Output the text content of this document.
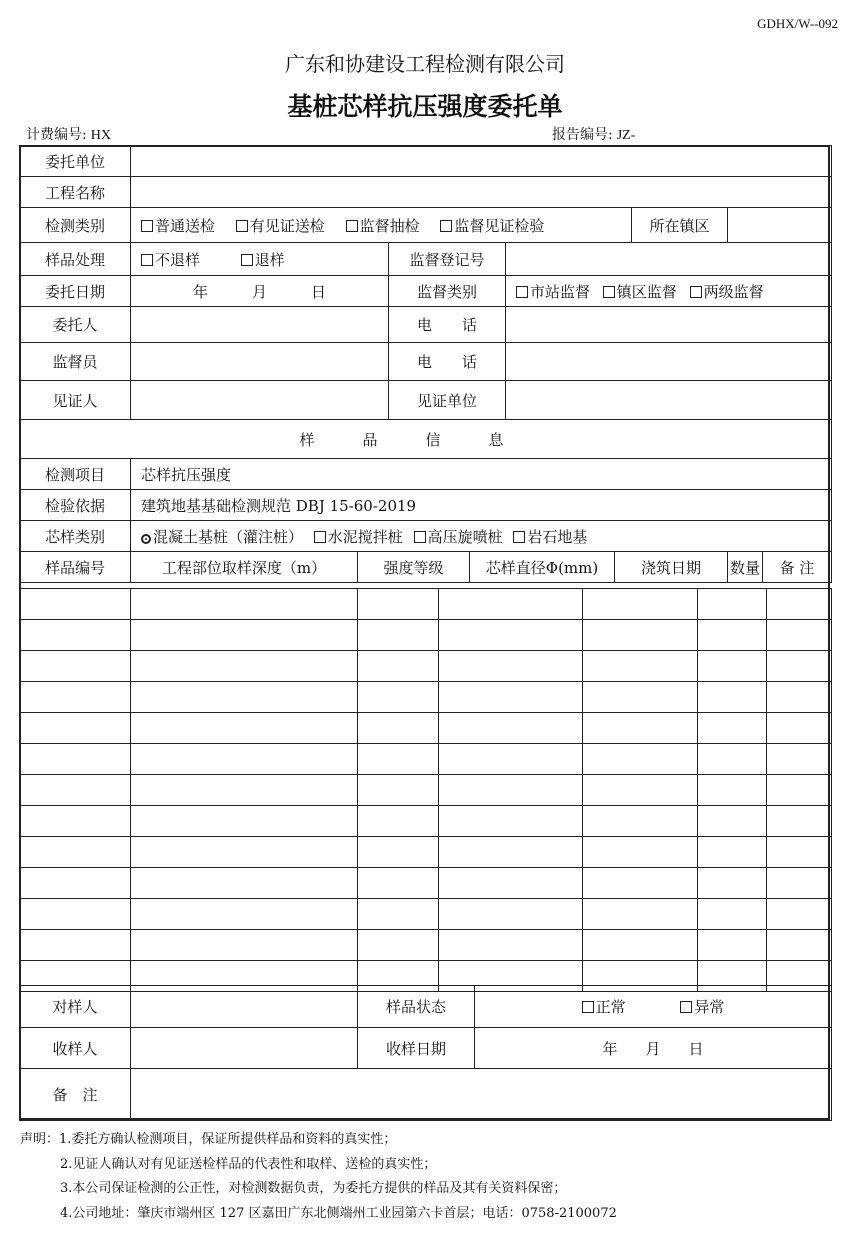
GDHX/W--092
广东和协建设工程检测有限公司
基桩芯样抗压强度委托单
计费编号: HX	报告编号: JZ-
委托单位									
工程名称									
检测类别	普通送检 有见证送检 监督抽检 监督见证检验						所在镇区		
样品处理	不退样 退样		监督登记号						
委托日期	年 月 日		监督类别		市站监督 镇区监督 两级监督				
委托人			电　　话						
监督员			电　　话						
见证人			见证单位						
样品信息									
检测项目	芯样抗压强度								
检验依据	建筑地基基础检测规范 DBJ 15-60-2019								
芯样类别	混凝土基桩（灌注桩） 水泥搅拌桩 高压旋喷桩 岩石地基								
样品编号	工程部位取样深度（m）	强度等级		芯样直径Φ(mm)		浇筑日期		数量	备 注

对样人		样品状态	正常 异常
收样人		收样日期	年 月 日
备　注			
声明：1.委托方确认检测项目，保证所提供样品和资料的真实性；
2.见证人确认对有见证送检样品的代表性和取样、送检的真实性；
3.本公司保证检测的公正性，对检测数据负责，为委托方提供的样品及其有关资料保密；
4.公司地址：肇庆市端州区 127 区嘉田广东北侧端州工业园第六卡首层；电话：0758-2100072
